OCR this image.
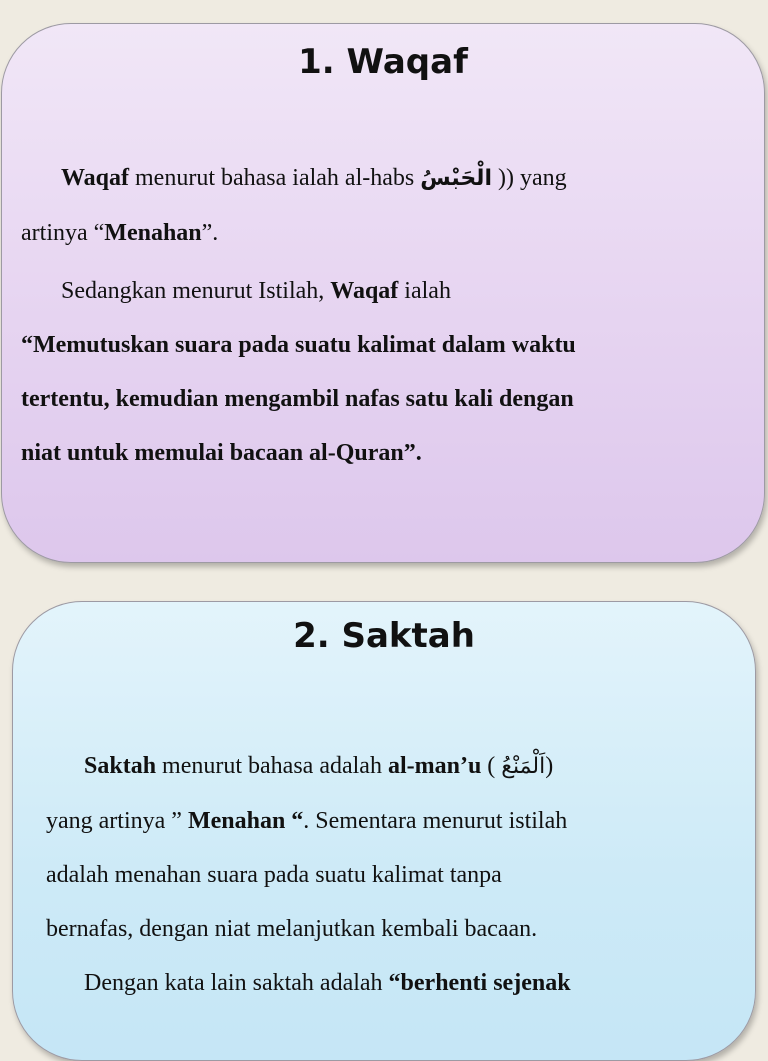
1. Waqaf

Waqaf menurut bahasa ialah al-habs الْحَبْسُ )) yang
artinya “Menahan”.

Sedangkan menurut Istilah, Waqaf ialah
“Memutuskan suara pada suatu kalimat dalam waktu
tertentu, kemudian mengambil nafas satu kali dengan
niat untuk memulai bacaan al-Quran”.

2. Saktah

Saktah menurut bahasa adalah al-man’u ( اَلْمَنْعُ)
yang artinya ” Menahan “. Sementara menurut istilah
adalah menahan suara pada suatu kalimat tanpa
bernafas, dengan niat melanjutkan kembali bacaan.

Dengan kata lain saktah adalah “berhenti sejenak
